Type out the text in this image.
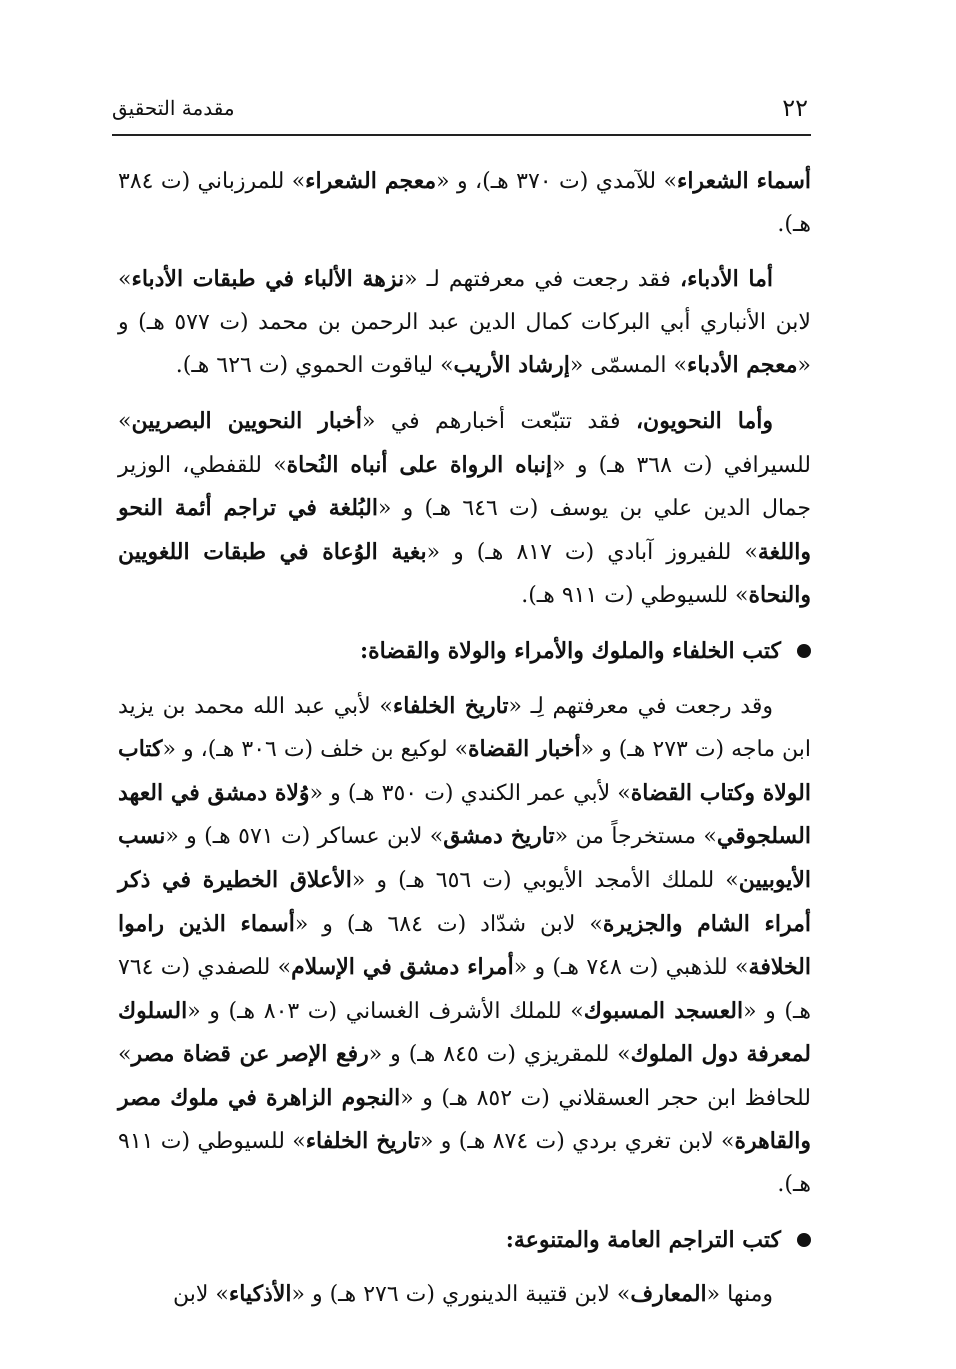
٢٢
مقدمة التحقيق

أسماء الشعراء» للآمدي (ت ٣٧٠ هـ)، و «معجم الشعراء» للمرزباني (ت ٣٨٤ هـ).

أما الأدباء، فقد رجعت في معرفتهم لـ «نزهة الألباء في طبقات الأدباء» لابن الأنباري أبي البركات كمال الدين عبد الرحمن بن محمد (ت ٥٧٧ هـ) و «معجم الأدباء» المسمّى «إرشاد الأريب» لياقوت الحموي (ت ٦٢٦ هـ).

وأما النحويون، فقد تتبّعت أخبارهم في «أخبار النحويين البصريين» للسيرافي (ت ٣٦٨ هـ) و «إنباه الرواة على أنباه النُحاة» للقفطي، الوزير جمال الدين علي بن يوسف (ت ٦٤٦ هـ) و «البُلغة في تراجم أئمة النحو واللغة» للفيروز آبادي (ت ٨١٧ هـ) و «بغية الوُعاة في طبقات اللغويين والنحاة» للسيوطي (ت ٩١١ هـ).

كتب الخلفاء والملوك والأمراء والولاة والقضاة:

وقد رجعت في معرفتهم لِـ «تاريخ الخلفاء» لأبي عبد الله محمد بن يزيد ابن ماجه (ت ٢٧٣ هـ) و «أخبار القضاة» لوكيع بن خلف (ت ٣٠٦ هـ)، و «كتاب الولاة وكتاب القضاة» لأبي عمر الكندي (ت ٣٥٠ هـ) و «وُلاة دمشق في العهد السلجوقي» مستخرجاً من «تاريخ دمشق» لابن عساكر (ت ٥٧١ هـ) و «نسب الأيوبيين» للملك الأمجد الأيوبي (ت ٦٥٦ هـ) و «الأعلاق الخطيرة في ذكر أمراء الشام والجزيرة» لابن شدّاد (ت ٦٨٤ هـ) و «أسماء الذين راموا الخلافة» للذهبي (ت ٧٤٨ هـ) و «أمراء دمشق في الإسلام» للصفدي (ت ٧٦٤ هـ) و «العسجد المسبوك» للملك الأشرف الغساني (ت ٨٠٣ هـ) و «السلوك لمعرفة دول الملوك» للمقريزي (ت ٨٤٥ هـ) و «رفع الإصر عن قضاة مصر» للحافظ ابن حجر العسقلاني (ت ٨٥٢ هـ) و «النجوم الزاهرة في ملوك مصر والقاهرة» لابن تغري بردي (ت ٨٧٤ هـ) و «تاريخ الخلفاء» للسيوطي (ت ٩١١ هـ).

كتب التراجم العامة والمتنوعة:

ومنها «المعارف» لابن قتيبة الدينوري (ت ٢٧٦ هـ) و «الأذكياء» لابن
